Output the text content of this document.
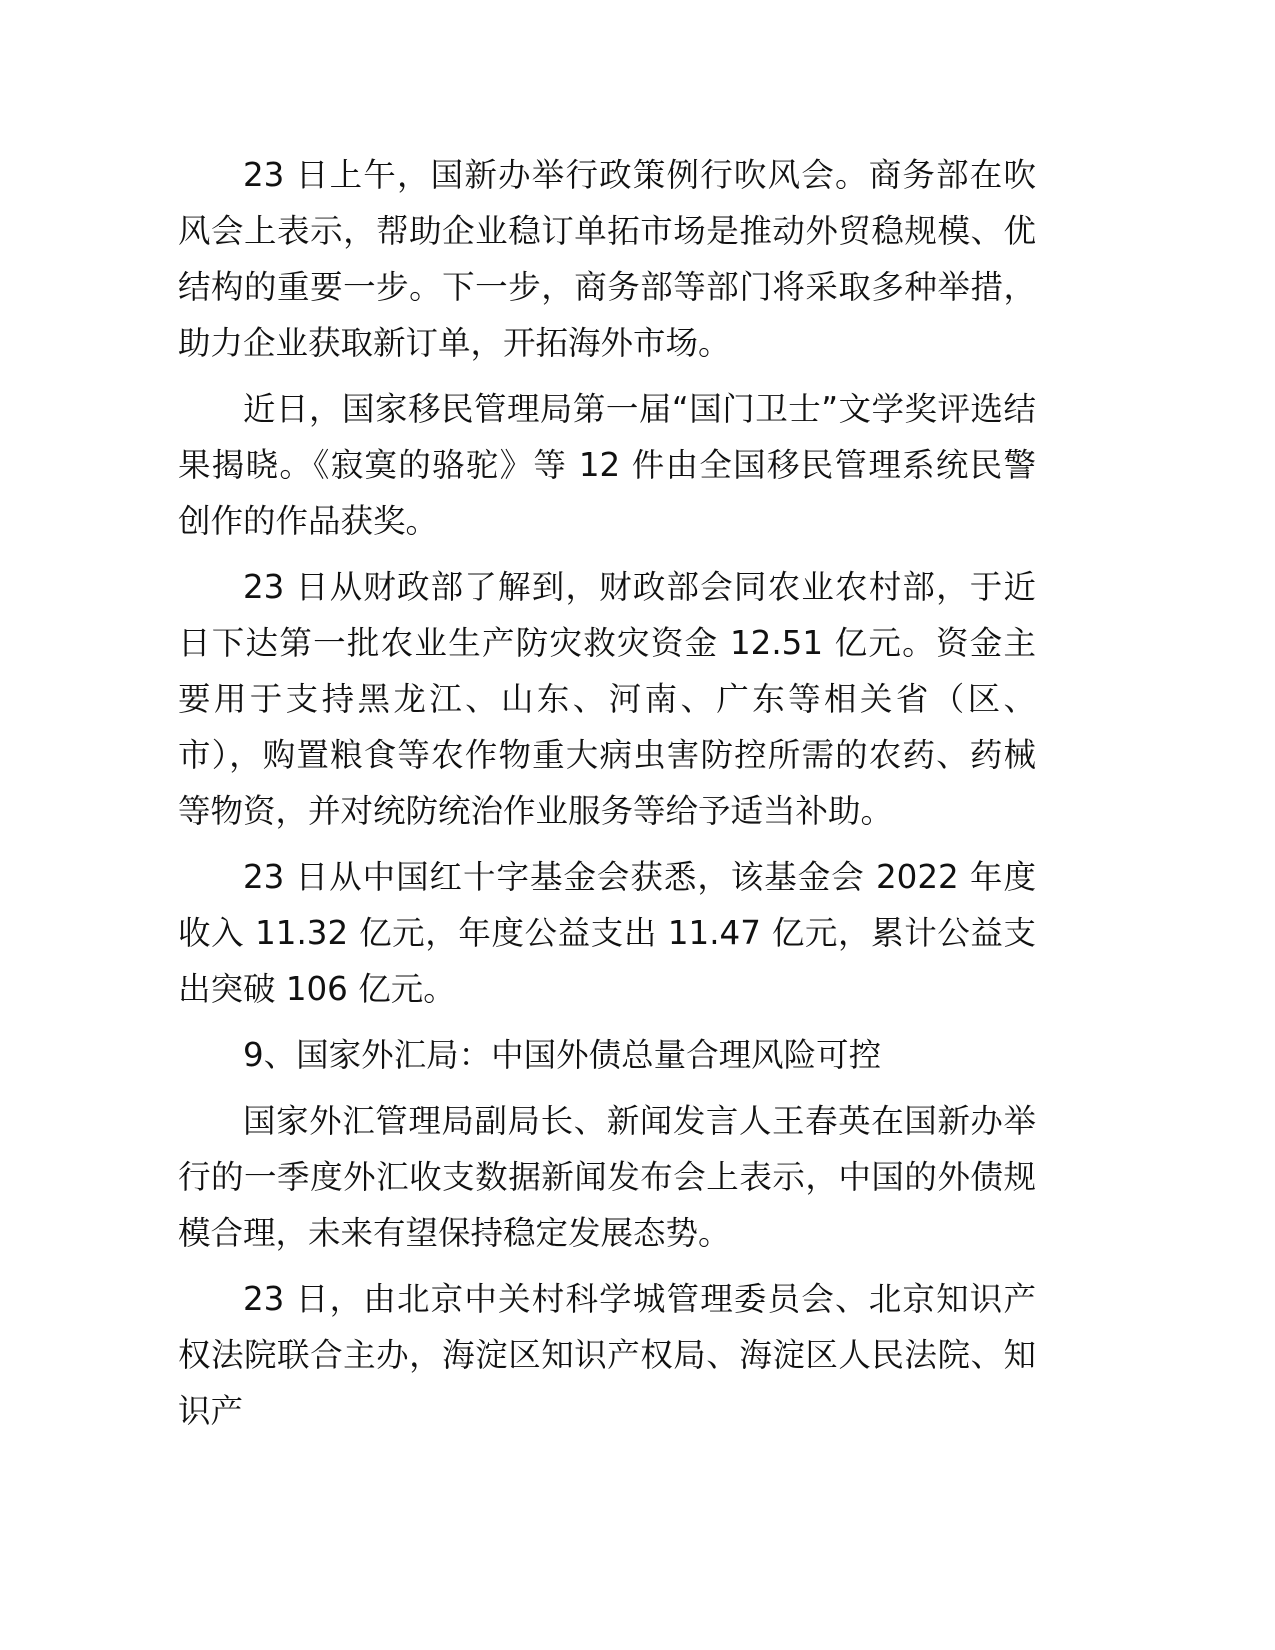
23 日上午，国新办举行政策例行吹风会。商务部在吹风会上表示，帮助企业稳订单拓市场是推动外贸稳规模、优结构的重要一步。下一步，商务部等部门将采取多种举措，助力企业获取新订单，开拓海外市场。

近日，国家移民管理局第一届“国门卫士”文学奖评选结果揭晓。《寂寞的骆驼》等 12 件由全国移民管理系统民警创作的作品获奖。

23 日从财政部了解到，财政部会同农业农村部，于近日下达第一批农业生产防灾救灾资金 12.51 亿元。资金主要用于支持黑龙江、山东、河南、广东等相关省（区、市），购置粮食等农作物重大病虫害防控所需的农药、药械等物资，并对统防统治作业服务等给予适当补助。

23 日从中国红十字基金会获悉，该基金会 2022 年度收入 11.32 亿元，年度公益支出 11.47 亿元，累计公益支出突破 106 亿元。

9、国家外汇局：中国外债总量合理风险可控

国家外汇管理局副局长、新闻发言人王春英在国新办举行的一季度外汇收支数据新闻发布会上表示，中国的外债规模合理，未来有望保持稳定发展态势。

23 日，由北京中关村科学城管理委员会、北京知识产权法院联合主办，海淀区知识产权局、海淀区人民法院、知识产
